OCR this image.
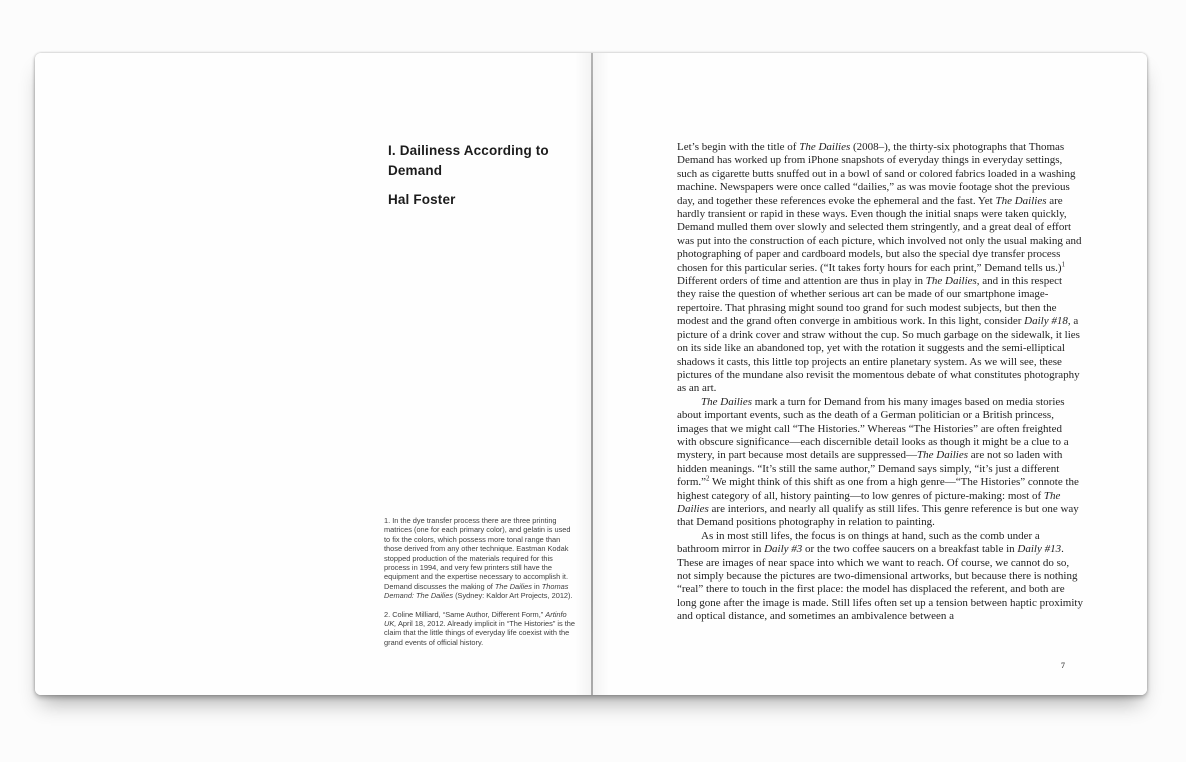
I. Dailiness According to
Demand
Hal Foster

1. In the dye transfer process there are three printing matrices (one for each primary color), and gelatin is used to fix the colors, which possess more tonal range than those derived from any other technique. Eastman Kodak stopped production of the materials required for this process in 1994, and very few printers still have the equipment and the expertise necessary to accomplish it. Demand discusses the making of The Dailies in Thomas Demand: The Dailies (Sydney: Kaldor Art Projects, 2012).

2. Coline Milliard, “Same Author, Different Form,” Artinfo UK, April 18, 2012. Already implicit in “The Histories” is the claim that the little things of everyday life coexist with the grand events of official history.

Let’s begin with the title of The Dailies (2008–), the thirty-six photographs that Thomas Demand has worked up from iPhone snapshots of everyday things in everyday settings, such as cigarette butts snuffed out in a bowl of sand or colored fabrics loaded in a washing machine. Newspapers were once called “dailies,” as was movie footage shot the previous day, and together these references evoke the ephemeral and the fast. Yet The Dailies are hardly transient or rapid in these ways. Even though the initial snaps were taken quickly, Demand mulled them over slowly and selected them stringently, and a great deal of effort was put into the construction of each picture, which involved not only the usual making and photographing of paper and cardboard models, but also the special dye transfer process chosen for this particular series. (“It takes forty hours for each print,” Demand tells us.)$^1$ Different orders of time and attention are thus in play in The Dailies, and in this respect they raise the question of whether serious art can be made of our smartphone image-repertoire. That phrasing might sound too grand for such modest subjects, but then the modest and the grand often converge in ambitious work. In this light, consider Daily #18, a picture of a drink cover and straw without the cup. So much garbage on the sidewalk, it lies on its side like an abandoned top, yet with the rotation it suggests and the semi-elliptical shadows it casts, this little top projects an entire planetary system. As we will see, these pictures of the mundane also revisit the momentous debate of what constitutes photography as an art.

The Dailies mark a turn for Demand from his many images based on media stories about important events, such as the death of a German politician or a British princess, images that we might call “The Histories.” Whereas “The Histories” are often freighted with obscure significance—each discernible detail looks as though it might be a clue to a mystery, in part because most details are suppressed—The Dailies are not so laden with hidden meanings. “It’s still the same author,” Demand says simply, “it’s just a different form.”$^2$ We might think of this shift as one from a high genre—“The Histories” connote the highest category of all, history painting—to low genres of picture-making: most of The Dailies are interiors, and nearly all qualify as still lifes. This genre reference is but one way that Demand positions photography in relation to painting.

As in most still lifes, the focus is on things at hand, such as the comb under a bathroom mirror in Daily #3 or the two coffee saucers on a breakfast table in Daily #13. These are images of near space into which we want to reach. Of course, we cannot do so, not simply because the pictures are two-dimensional artworks, but because there is nothing “real” there to touch in the first place: the model has displaced the referent, and both are long gone after the image is made. Still lifes often set up a tension between haptic proximity and optical distance, and sometimes an ambivalence between a

7
